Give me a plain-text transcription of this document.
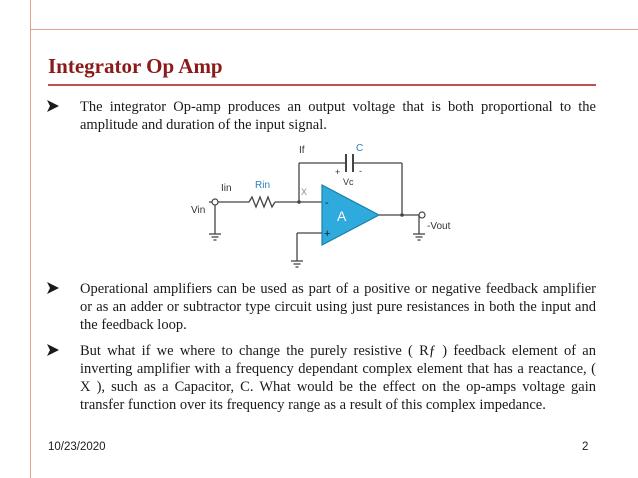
Integrator Op Amp
The integrator Op-amp produces an output voltage that is both proportional to the amplitude and duration of the input signal.
If	C
+ -
Vc
Iin Rin
X
Vin
-
+
A
-Vout
Operational amplifiers can be used as part of a positive or negative feedback amplifier or as an adder or subtractor type circuit using just pure resistances in both the input and the feedback loop.
But what if we where to change the purely resistive ( Rƒ ) feedback element of an inverting amplifier with a frequency dependant complex element that has a reactance, ( X ), such as a Capacitor, C. What would be the effect on the op-amps voltage gain transfer function over its frequency range as a result of this complex impedance.
10/23/2020	2
